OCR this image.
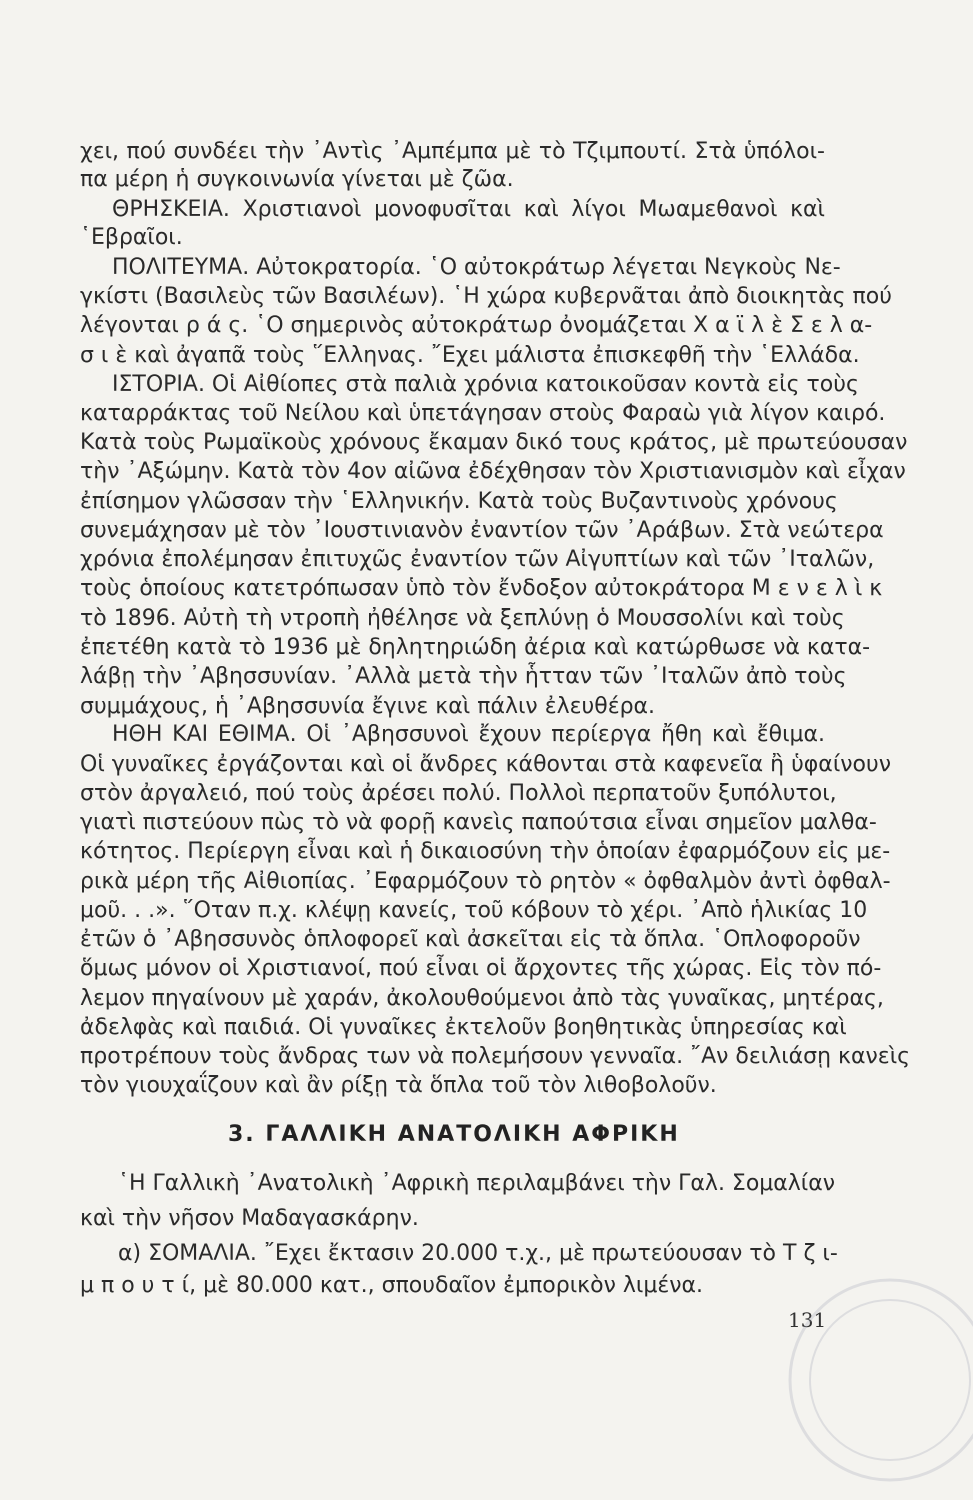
χει, πού συνδέει τὴν ᾿Αντὶς ᾿Αμπέμπα μὲ τὸ Τζιμπουτί. Στὰ ὑπόλοι-
πα μέρη ἡ συγκοινωνία γίνεται μὲ ζῶα.
ΘΡΗΣΚΕΙΑ. Χριστιανοὶ μονοφυσῖται καὶ λίγοι Μωαμεθανοὶ καὶ
῾Εβραῖοι.
ΠΟΛΙΤΕΥΜΑ. Αὐτοκρατορία. ῾Ο αὐτοκράτωρ λέγεται Νεγκοὺς Νε-
γκίστι (Βασιλεὺς τῶν Βασιλέων). ῾Η χώρα κυβερνᾶται ἀπὸ διοικητὰς πού
λέγονται ρ ά ς. ῾Ο σημερινὸς αὐτοκράτωρ ὀνομάζεται Χ α ϊ λ ὲ Σ ε λ α-
σ ι ὲ καὶ ἀγαπᾶ τοὺς ῞Ελληνας. ῎Εχει μάλιστα ἐπισκεφθῆ τὴν ῾Ελλάδα.
ΙΣΤΟΡΙΑ. Οἱ Αἰθίοπες στὰ παλιὰ χρόνια κατοικοῦσαν κοντὰ εἰς τοὺς
καταρράκτας τοῦ Νείλου καὶ ὑπετάγησαν στοὺς Φαραὼ γιὰ λίγον καιρό.
Κατὰ τοὺς Ρωμαϊκοὺς χρόνους ἔκαμαν δικό τους κράτος, μὲ πρωτεύουσαν
τὴν ᾿Αξώμην. Κατὰ τὸν 4ον αἰῶνα ἐδέχθησαν τὸν Χριστιανισμὸν καὶ εἶχαν
ἐπίσημον γλῶσσαν τὴν ῾Ελληνικήν. Κατὰ τοὺς Βυζαντινοὺς χρόνους
συνεμάχησαν μὲ τὸν ᾿Ιουστινιανὸν ἐναντίον τῶν ᾿Αράβων. Στὰ νεώτερα
χρόνια ἐπολέμησαν ἐπιτυχῶς ἐναντίον τῶν Αἰγυπτίων καὶ τῶν ᾿Ιταλῶν,
τοὺς ὁποίους κατετρόπωσαν ὑπὸ τὸν ἔνδοξον αὐτοκράτορα Μ ε ν ε λ ὶ κ
τὸ 1896. Αὐτὴ τὴ ντροπὴ ἠθέλησε νὰ ξεπλύνῃ ὁ Μουσσολίνι καὶ τοὺς
ἐπετέθη κατὰ τὸ 1936 μὲ δηλητηριώδη ἀέρια καὶ κατώρθωσε νὰ κατα-
λάβῃ τὴν ᾿Αβησσυνίαν. ᾿Αλλὰ μετὰ τὴν ἧτταν τῶν ᾿Ιταλῶν ἀπὸ τοὺς
συμμάχους, ἡ ᾿Αβησσυνία ἔγινε καὶ πάλιν ἐλευθέρα.
ΗΘΗ ΚΑΙ ΕΘΙΜΑ. Οἱ ᾿Αβησσυνοὶ ἔχουν περίεργα ἤθη καὶ ἔθιμα.
Οἱ γυναῖκες ἐργάζονται καὶ οἱ ἄνδρες κάθονται στὰ καφενεῖα ἢ ὑφαίνουν
στὸν ἀργαλειό, πού τοὺς ἀρέσει πολύ. Πολλοὶ περπατοῦν ξυπόλυτοι,
γιατὶ πιστεύουν πὼς τὸ νὰ φορῇ κανεὶς παπούτσια εἶναι σημεῖον μαλθα-
κότητος. Περίεργη εἶναι καὶ ἡ δικαιοσύνη τὴν ὁποίαν ἐφαρμόζουν εἰς με-
ρικὰ μέρη τῆς Αἰθιοπίας. ᾿Εφαρμόζουν τὸ ρητὸν « ὀφθαλμὸν ἀντὶ ὀφθαλ-
μοῦ. . .». ῞Οταν π.χ. κλέψῃ κανείς, τοῦ κόβουν τὸ χέρι. ᾿Απὸ ἡλικίας 10
ἐτῶν ὁ ᾿Αβησσυνὸς ὁπλοφορεῖ καὶ ἀσκεῖται εἰς τὰ ὅπλα. ῾Οπλοφοροῦν
ὅμως μόνον οἱ Χριστιανοί, πού εἶναι οἱ ἄρχοντες τῆς χώρας. Εἰς τὸν πό-
λεμον πηγαίνουν μὲ χαράν, ἀκολουθούμενοι ἀπὸ τὰς γυναῖκας, μητέρας,
ἀδελφὰς καὶ παιδιά. Οἱ γυναῖκες ἐκτελοῦν βοηθητικὰς ὑπηρεσίας καὶ
προτρέπουν τοὺς ἄνδρας των νὰ πολεμήσουν γενναῖα. ῎Αν δειλιάσῃ κανεὶς
τὸν γιουχαΐζουν καὶ ἂν ρίξῃ τὰ ὅπλα τοῦ τὸν λιθοβολοῦν.
3. ΓΑΛΛΙΚΗ ΑΝΑΤΟΛΙΚΗ ΑΦΡΙΚΗ
῾Η Γαλλικὴ ᾿Ανατολικὴ ᾿Αφρικὴ περιλαμβάνει τὴν Γαλ. Σομαλίαν
καὶ τὴν νῆσον Μαδαγασκάρην.
α) ΣΟΜΑΛΙΑ. ῎Εχει ἔκτασιν 20.000 τ.χ., μὲ πρωτεύουσαν τὸ Τ ζ ι-
μ π ο υ τ ί, μὲ 80.000 κατ., σπουδαῖον ἐμπορικὸν λιμένα.
131
